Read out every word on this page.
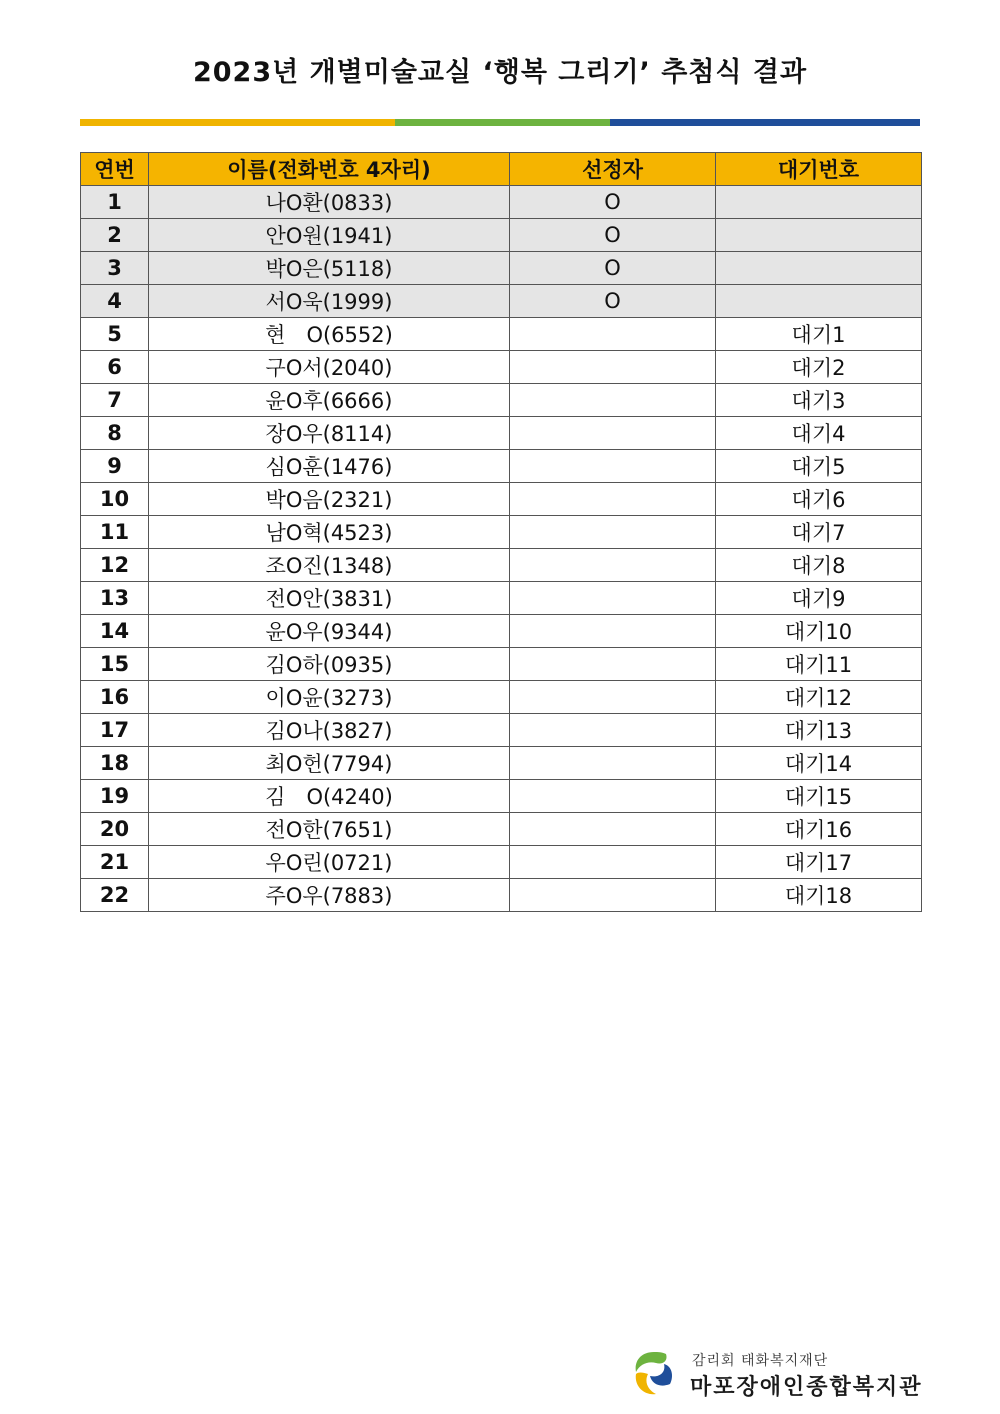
2023년 개별미술교실 ‘행복 그리기’ 추첨식 결과
연번	이름(전화번호 4자리)	선정자	대기번호
1	나O환(0833)	O	
2	안O원(1941)	O	
3	박O은(5118)	O	
4	서O욱(1999)	O	
5	현　O(6552)		대기1
6	구O서(2040)		대기2
7	윤O후(6666)		대기3
8	장O우(8114)		대기4
9	심O훈(1476)		대기5
10	박O음(2321)		대기6
11	남O혁(4523)		대기7
12	조O진(1348)		대기8
13	전O안(3831)		대기9
14	윤O우(9344)		대기10
15	김O하(0935)		대기11
16	이O윤(3273)		대기12
17	김O나(3827)		대기13
18	최O헌(7794)		대기14
19	김　O(4240)		대기15
20	전O한(7651)		대기16
21	우O린(0721)		대기17
22	주O우(7883)		대기18
감리회 태화복지재단
마포장애인종합복지관
